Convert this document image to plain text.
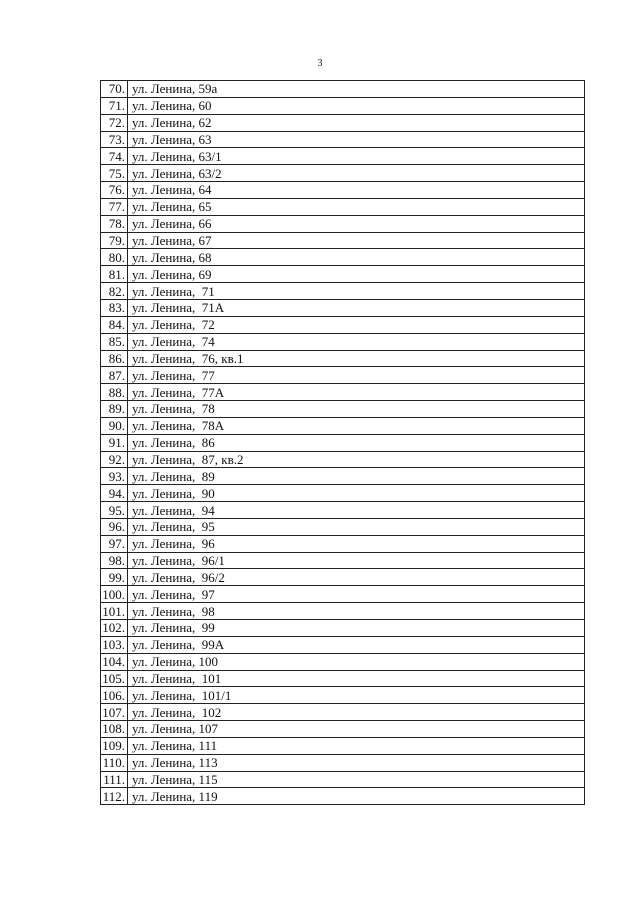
3
70.	ул. Ленина, 59а
71.	ул. Ленина, 60
72.	ул. Ленина, 62
73.	ул. Ленина, 63
74.	ул. Ленина, 63/1
75.	ул. Ленина, 63/2
76.	ул. Ленина, 64
77.	ул. Ленина, 65
78.	ул. Ленина, 66
79.	ул. Ленина, 67
80.	ул. Ленина, 68
81.	ул. Ленина, 69
82.	ул. Ленина,  71
83.	ул. Ленина,  71А
84.	ул. Ленина,  72
85.	ул. Ленина,  74
86.	ул. Ленина,  76, кв.1
87.	ул. Ленина,  77
88.	ул. Ленина,  77А
89.	ул. Ленина,  78
90.	ул. Ленина,  78А
91.	ул. Ленина,  86
92.	ул. Ленина,  87, кв.2
93.	ул. Ленина,  89
94.	ул. Ленина,  90
95.	ул. Ленина,  94
96.	ул. Ленина,  95
97.	ул. Ленина,  96
98.	ул. Ленина,  96/1
99.	ул. Ленина,  96/2
100.	ул. Ленина,  97
101.	ул. Ленина,  98
102.	ул. Ленина,  99
103.	ул. Ленина,  99А
104.	ул. Ленина, 100
105.	ул. Ленина,  101
106.	ул. Ленина,  101/1
107.	ул. Ленина,  102
108.	ул. Ленина, 107
109.	ул. Ленина, 111
110.	ул. Ленина, 113
111.	ул. Ленина, 115
112.	ул. Ленина, 119
